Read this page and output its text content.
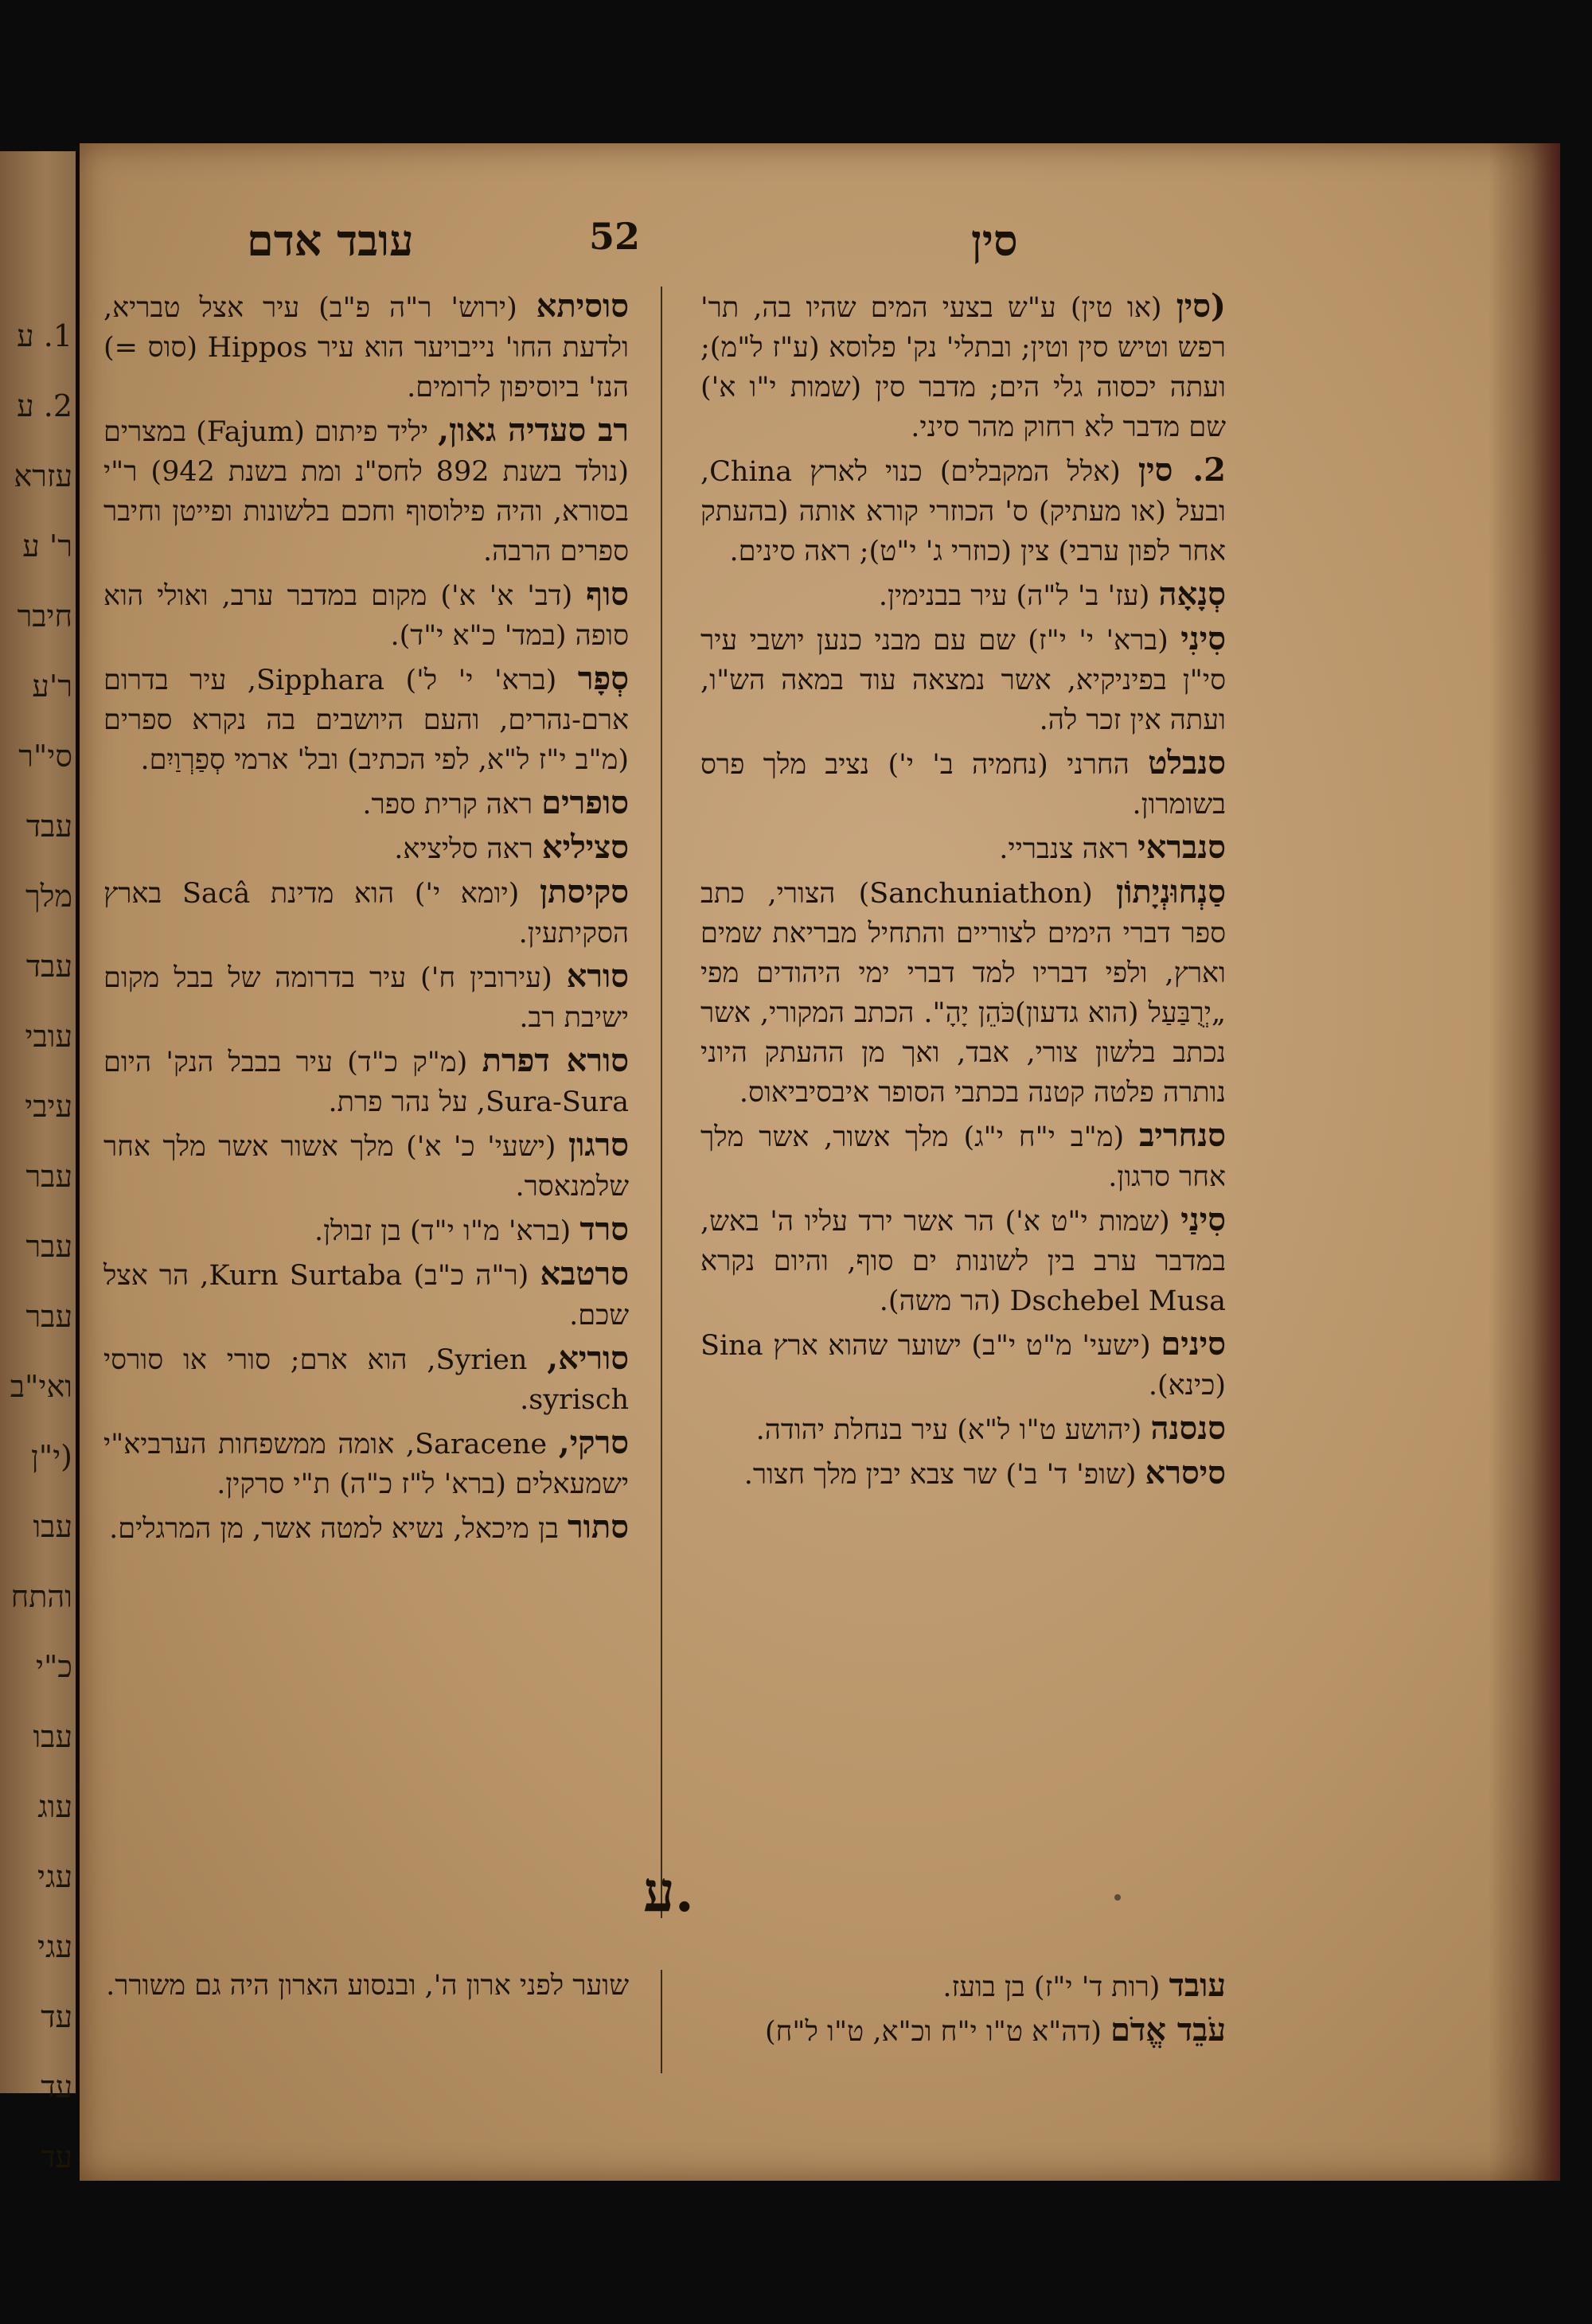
1. ע
2. ע
עזרא
ר' ע
חיבר
ר'ע
סי"ר
עבד
מלך
עבד
עובי
עיבי
עבר
עבר
עבר
ואי"ב
(י"ן
עבו
והתח
כ"י
עבו
עוג
עגי
עגי
עד
עד
עד
עובד אדם	52	סין

(סין (או טין) ע"ש בצעי המים שהיו בה, תר' רפש וטיש סין וטין; ובתלי' נק' פלוסא (ע"ז ל"מ); ועתה יכסוה גלי הים; מדבר סין (שמות י"ו א') שם מדבר לא רחוק מהר סיני.

2. סין (אלל המקבלים) כנוי לארץ China, ובעל (או מעתיק) ס' הכוזרי קורא אותה (בהעתק אחר לפון ערבי) צין (כוזרי ג' י"ט); ראה סינים.

סְנָאָה (עז' ב' ל"ה) עיר בבנימין.

סִינִי (ברא' י' י"ז) שם עם מבני כנען יושבי עיר סי"ן בפיניקיא, אשר נמצאה עוד במאה הש"ו, ועתה אין זכר לה.

סנבלט החרני (נחמיה ב' י') נציב מלך פרס בשומרון.

סנבראי ראה צנבריי.

סַנְחוּנְיָתוֹן (Sanchuniathon) הצורי, כתב ספר דברי הימים לצוריים והתחיל מבריאת שמים וארץ, ולפי דבריו למד דברי ימי היהודים מפי „יְרֻבַּעַל (הוא גדעון)כֹּהֵן יָהָ". הכתב המקורי, אשר נכתב בלשון צורי, אבד, ואך מן ההעתק היוני נותרה פלטה קטנה בכתבי הסופר איבסיביאוס.

סנחריב (מ"ב י"ח י"ג) מלך אשור, אשר מלך אחר סרגון.

סִינַי (שמות י"ט א') הר אשר ירד עליו ה' באש, במדבר ערב בין לשונות ים סוף, והיום נקרא Dschebel Musa (הר משה).

סינים (ישעי' מ"ט י"ב) ישוער שהוא ארץ Sina (כינא).

סנסנה (יהושע ט"ו ל"א) עיר בנחלת יהודה.

סיסרא (שופ' ד' ב') שר צבא יבין מלך חצור.

סוסיתא (ירוש' ר"ה פ"ב) עיר אצל טבריא, ולדעת החו' נייבויער הוא עיר Hippos (סוס =) הנז' ביוסיפון לרומים.

רב סעדיה גאון, יליד פיתום (Fajum) במצרים (נולד בשנת 892 לחס"נ ומת בשנת 942) ר"י בסורא, והיה פילוסוף וחכם בלשונות ופייטן וחיבר ספרים הרבה.

סוף (דב' א' א') מקום במדבר ערב, ואולי הוא סופה (במד' כ"א י"ד).

סְפָר (ברא' י' ל') Sipphara, עיר בדרום ארם-נהרים, והעם היושבים בה נקרא ספרים (מ"ב י"ז ל"א, לפי הכתיב) ובל' ארמי סְפַרְוַיִם.

סופרים ראה קרית ספר.

סציליא ראה סליציא.

סקיסתן (יומא י') הוא מדינת Sacâ בארץ הסקיתעין.

סורא (עירובין ח') עיר בדרומה של בבל מקום ישיבת רב.

סורא דפרת (מ"ק כ"ד) עיר בבבל הנק' היום Sura-Sura, על נהר פרת.

סרגון (ישעי' כ' א') מלך אשור אשר מלך אחר שלמנאסר.

סרד (ברא' מ"ו י"ד) בן זבולן.

סרטבא (ר"ה כ"ב) Kurn Surtaba, הר אצל שכם.

סוריא, Syrien, הוא ארם; סורי או סורסי syrisch.

סרקי, Saracene, אומה ממשפחות הערביא"י ישמעאלים (ברא' ל"ז כ"ה) ת"י סרקין.

סתור בן מיכאל, נשיא למטה אשר, מן המרגלים.

ע.

עובד (רות ד' י"ז) בן בועז.

עֹבֵד אֱדֹם (דה"א ט"ו י"ח וכ"א, ט"ו ל"ח)

שוער לפני ארון ה', ובנסוע הארון היה גם משורר.
